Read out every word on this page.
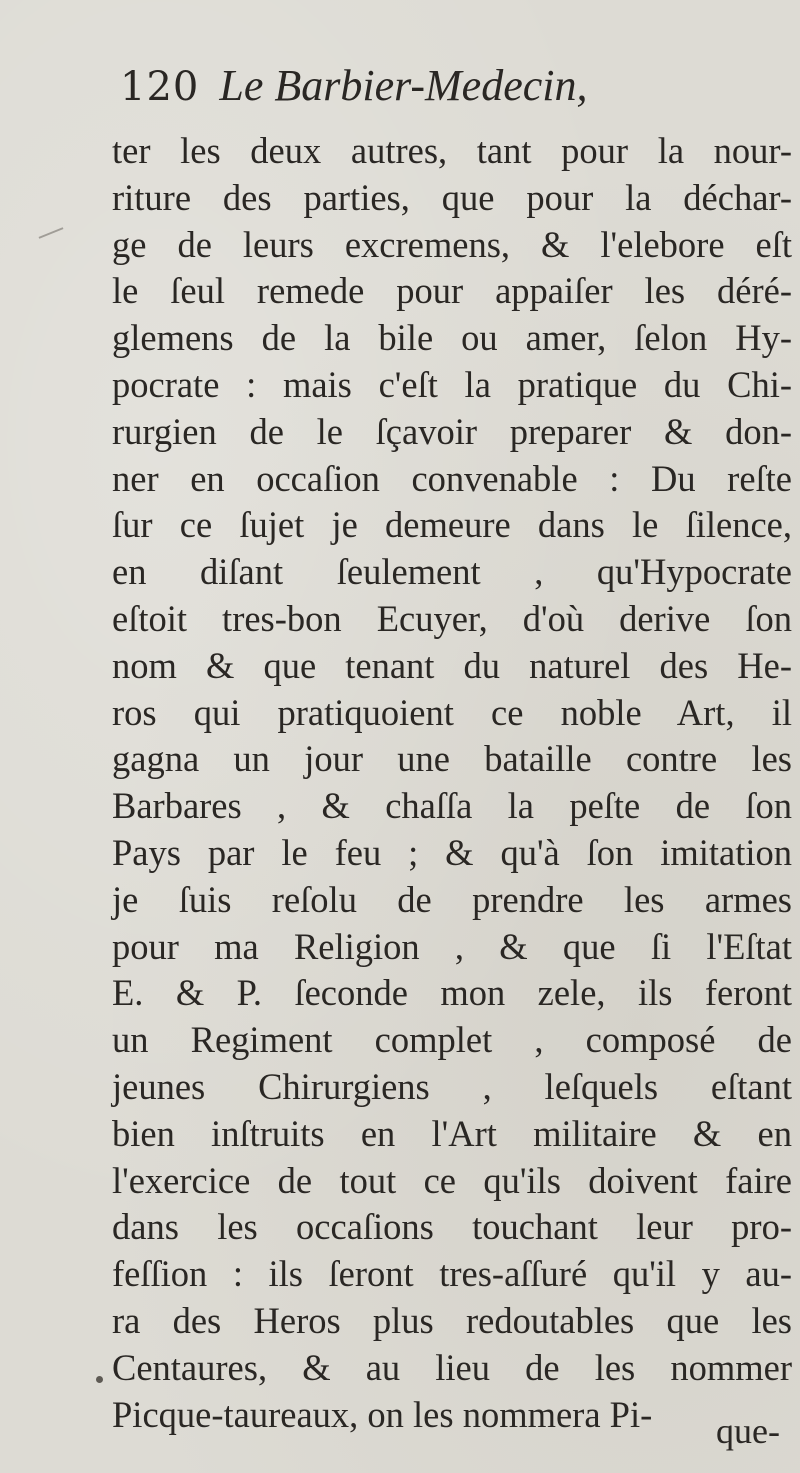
120 Le Barbier-Medecin,
ter les deux autres, tant pour la nour-
riture des parties, que pour la déchar-
ge de leurs excremens, & l'elebore eſt
le ſeul remede pour appaiſer les déré-
glemens de la bile ou amer, ſelon Hy-
pocrate : mais c'eſt la pratique du Chi-
rurgien de le ſçavoir preparer & don-
ner en occaſion convenable : Du reſte
ſur ce ſujet je demeure dans le ſilence,
en diſant ſeulement , qu'Hypocrate
eſtoit tres-bon Ecuyer, d'où derive ſon
nom & que tenant du naturel des He-
ros qui pratiquoient ce noble Art, il
gagna un jour une bataille contre les
Barbares , & chaſſa la peſte de ſon
Pays par le feu ; & qu'à ſon imitation
je ſuis reſolu de prendre les armes
pour ma Religion , & que ſi l'Eſtat
E. & P. ſeconde mon zele, ils feront
un Regiment complet , composé de
jeunes Chirurgiens , leſquels eſtant
bien inſtruits en l'Art militaire & en
l'exercice de tout ce qu'ils doivent faire
dans les occaſions touchant leur pro-
feſſion : ils ſeront tres-aſſuré qu'il y au-
ra des Heros plus redoutables que les
Centaures, & au lieu de les nommer
Picque-taureaux, on les nommera Pi-	que-
